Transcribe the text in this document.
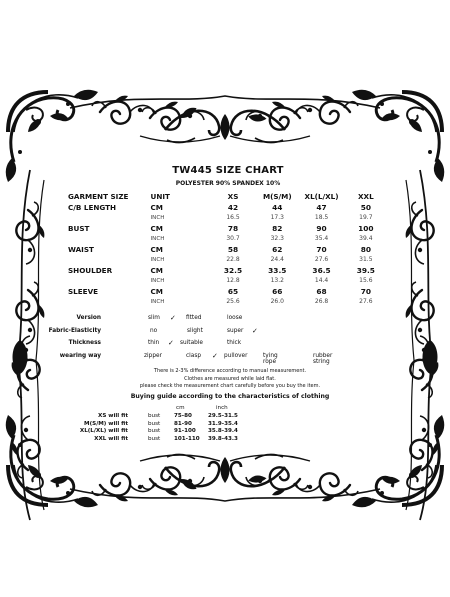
TW445 SIZE CHART
POLYESTER 90% SPANDEX 10%
GARMENT SIZE	UNIT	XS	M(S/M)	XL(L/XL)	XXL
C/B LENGTH	CM	42	44	47	50
	INCH	16.5	17.3	18.5	19.7
BUST	CM	78	82	90	100
	INCH	30.7	32.3	35.4	39.4
WAIST	CM	58	62	70	80
	INCH	22.8	24.4	27.6	31.5
SHOULDER	CM	32.5	33.5	36.5	39.5
	INCH	12.8	13.2	14.4	15.6
SLEEVE	CM	65	66	68	70
	INCH	25.6	26.0	26.8	27.6
Version	slim ✓ fitted	loose
Fabric-Elasticity	no	slight	super ✓
Thickness	thin ✓ suitable	thick
wearing way	zipper	clasp ✓ pullover	tying rope
rubber string
There is 2-3% difference according to manual measurement.
Clothes are measured while laid flat.
please check the measurement chart carefully before you buy the item.
Buying guide according to the characteristics of clothing
cm	inch
XS will fit	bust 75-80	29.5-31.5
M(S/M) will fit	bust 81-90	31.9-35.4
XL(L/XL) will fit	bust 91-100 35.8-39.4
XXL will fit	bust 101-110 39.8-43.3
